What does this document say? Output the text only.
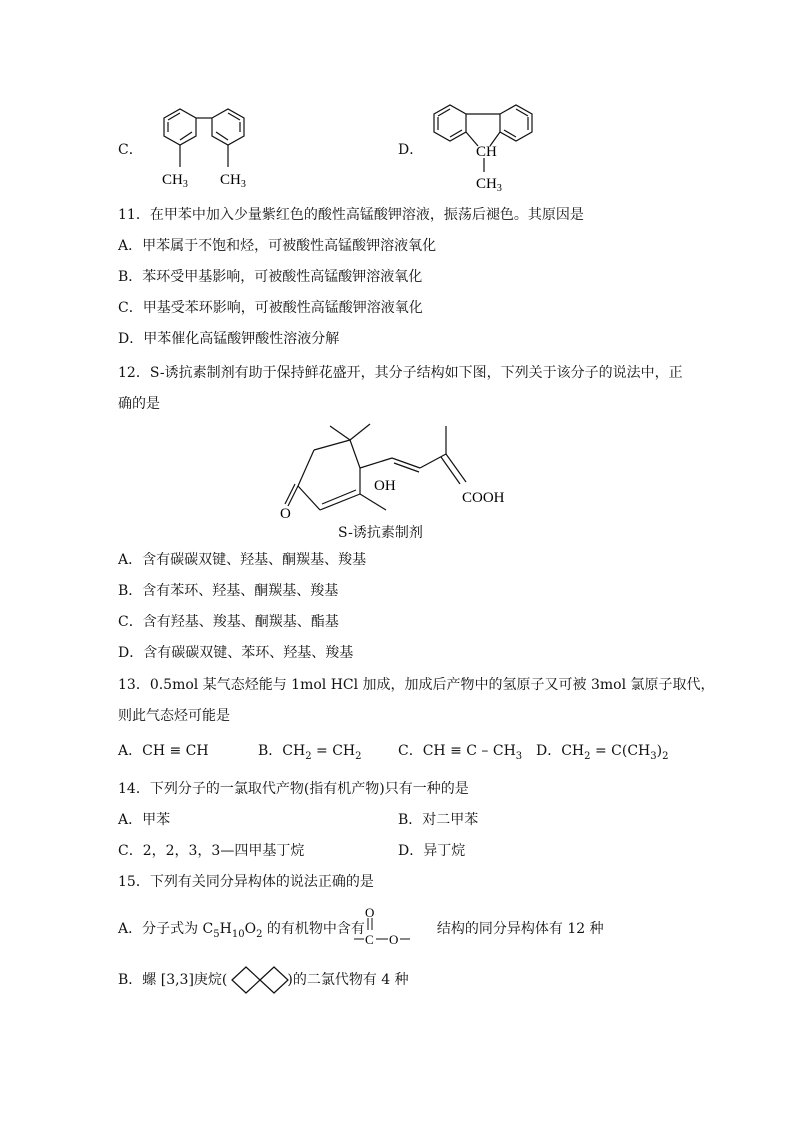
C．
$CH_3$ $CH_3$
D．	CH
$CH_3$
11．在甲苯中加入少量紫红色的酸性高锰酸钾溶液，振荡后褪色。其原因是
A．甲苯属于不饱和烃，可被酸性高锰酸钾溶液氧化
B．苯环受甲基影响，可被酸性高锰酸钾溶液氧化
C．甲基受苯环影响，可被酸性高锰酸钾溶液氧化
D．甲苯催化高锰酸钾酸性溶液分解
12．S-诱抗素制剂有助于保持鲜花盛开，其分子结构如下图，下列关于该分子的说法中，正
确的是
OH
COOH
O
S-诱抗素制剂
A．含有碳碳双键、羟基、酮羰基、羧基
B．含有苯环、羟基、酮羰基、羧基
C．含有羟基、羧基、酮羰基、酯基
D．含有碳碳双键、苯环、羟基、羧基
13．0.5mol 某气态烃能与 1mol HCl 加成，加成后产物中的氢原子又可被 3mol 氯原子取代，
则此气态烃可能是
A．CH ≡ CH	B．$CH_2 = CH_2$	C．CH ≡ C – $CH_3$ D．$CH_2 = C(CH_3)_2$
14．下列分子的一氯取代产物(指有机产物)只有一种的是
A．甲苯	B．对二甲苯
C．2，2，3，3—四甲基丁烷	D．异丁烷
15．下列有关同分异构体的说法正确的是
A．分子式为 $C_5H_{10}O_2$ 的有机物中含有	结构的同分异构体有 12 种
O
C O
B．螺 [3,3]庚烷(	)的二氯代物有 4 种
